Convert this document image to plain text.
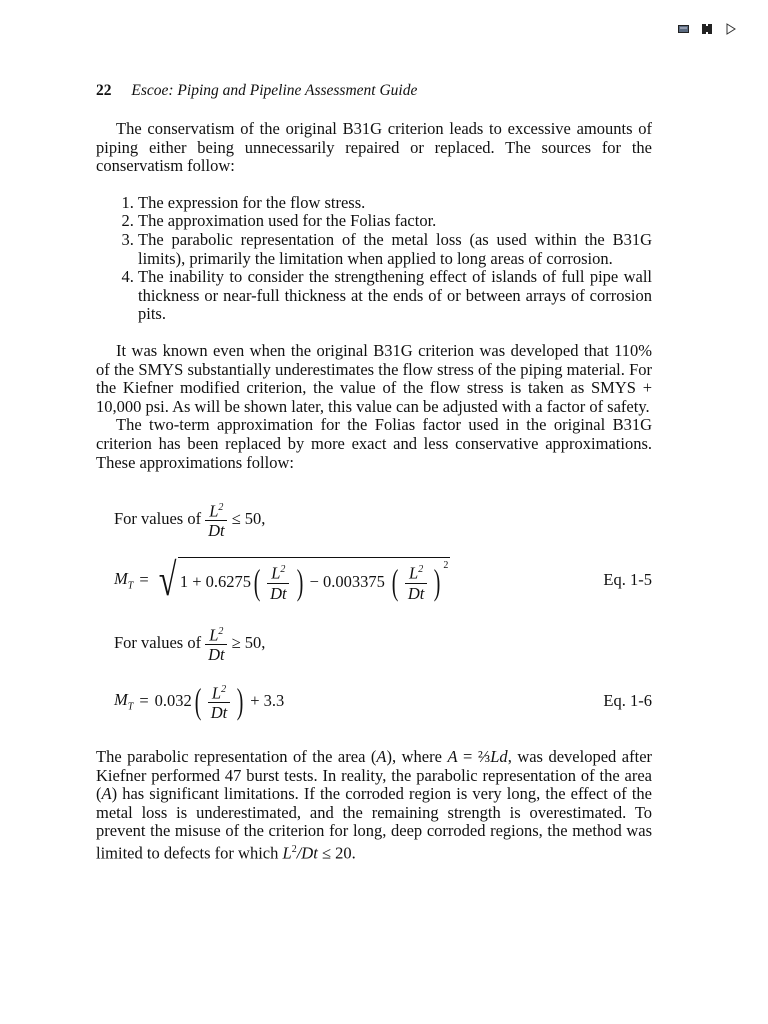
22 Escoe: Piping and Pipeline Assessment Guide

The conservatism of the original B31G criterion leads to excessive amounts of piping either being unnecessarily repaired or replaced. The sources for the conservatism follow:

1. The expression for the flow stress.
2. The approximation used for the Folias factor.
3. The parabolic representation of the metal loss (as used within the B31G limits), primarily the limitation when applied to long areas of corrosion.
4. The inability to consider the strengthening effect of islands of full pipe wall thickness or near-full thickness at the ends of or between arrays of corrosion pits.

It was known even when the original B31G criterion was developed that 110% of the SMYS substantially underestimates the flow stress of the piping material. For the Kiefner modified criterion, the value of the flow stress is taken as SMYS + 10,000 psi. As will be shown later, this value can be adjusted with a factor of safety.

The two-term approximation for the Folias factor used in the original B31G criterion has been replaced by more exact and less conservative approximations. These approximations follow:

For values of $\frac{L^2}{Dt} \le 50$,
$M_T$ = √ 1 + 0.6275 ( $\frac{L^2}{Dt}$ ) − 0.003375 ( $\frac{L^2}{Dt}$ ) $^2$
Eq. 1-5
For values of $\frac{L^2}{Dt} \ge 50$,
$M_T = 0.032$ ( $\frac{L^2}{Dt}$ ) + 3.3	Eq. 1-6

The parabolic representation of the area (A), where A = ⅔Ld, was developed after Kiefner performed 47 burst tests. In reality, the parabolic representation of the area (A) has significant limitations. If the corroded region is very long, the effect of the metal loss is underestimated, and the remaining strength is overestimated. To prevent the misuse of the criterion for long, deep corroded regions, the method was limited to defects for which $L^2/Dt \le 20$.
